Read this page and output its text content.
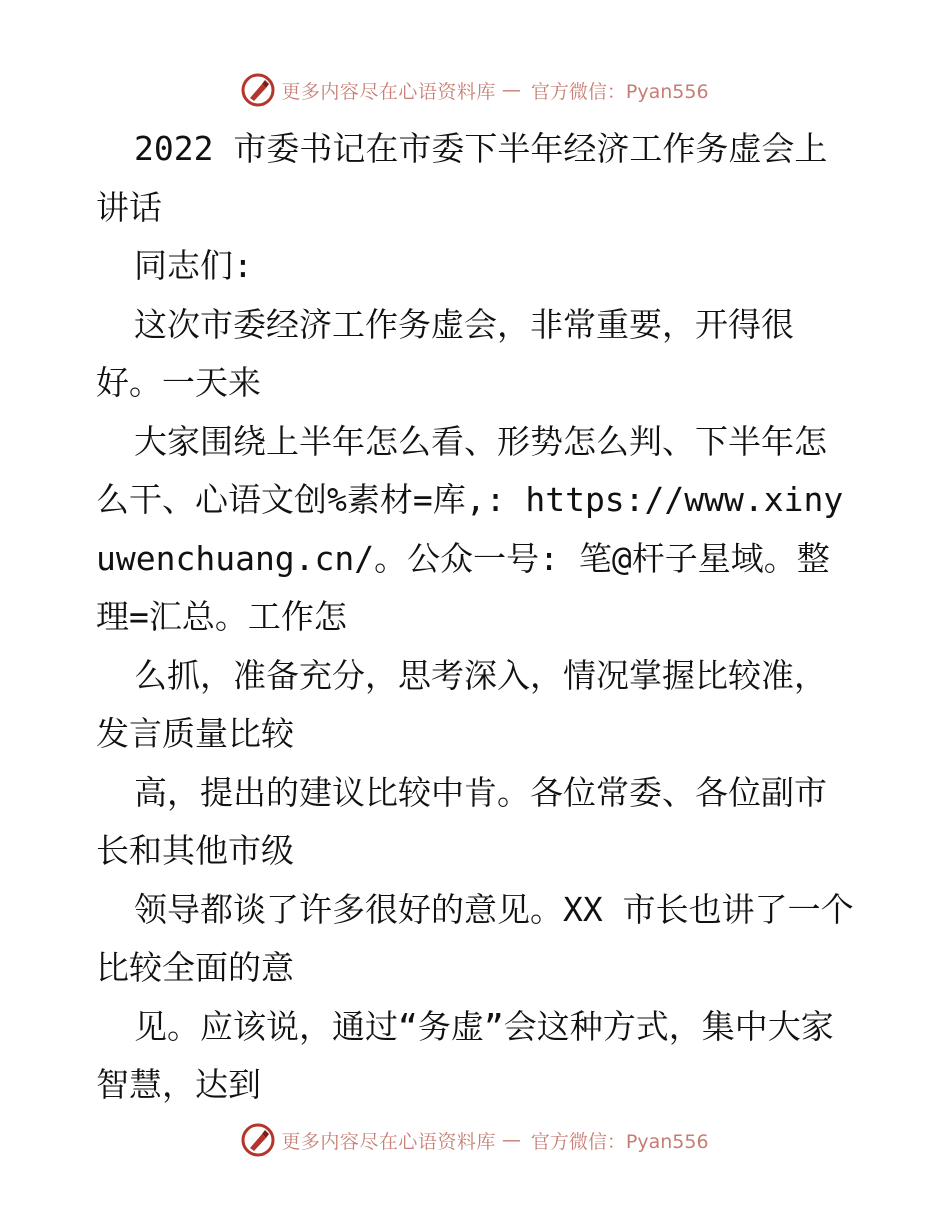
更多内容尽在心语资料库 — 官方微信：Pyan556

2022 市委书记在市委下半年经济工作务虚会上讲话

同志们:

这次市委经济工作务虚会，非常重要，开得很好。一天来

大家围绕上半年怎么看、形势怎么判、下半年怎么干、心语文创%素材=库,: https://www.xinyuwenchuang.cn/。公众一号: 笔@杆子星域。整理=汇总。工作怎

么抓，准备充分，思考深入，情况掌握比较准，发言质量比较

高，提出的建议比较中肯。各位常委、各位副市长和其他市级

领导都谈了许多很好的意见。XX 市长也讲了一个比较全面的意

见。应该说，通过“务虚”会这种方式，集中大家智慧，达到

更多内容尽在心语资料库 — 官方微信：Pyan556
